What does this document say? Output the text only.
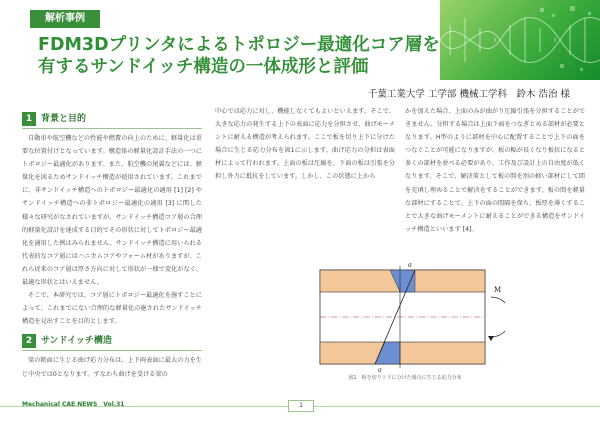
解析事例
FDM3Dプリンタによるトポロジー最適化コア層を
有するサンドイッチ構造の一体成形と評価
千葉工業大学 工学部 機械工学科　鈴木 浩治 様
1 背景と目的

自動車や航空機などの性能や燃費の向上のために、軽量化は重要な位置付けとなっています。構造体の軽量化設計手法の一つにトポロジー最適化があります。また、航空機の尾翼などには、軽量化を図るためサンドイッチ構造が使用されています。これまでに、非サンドイッチ構造へのトポロジー最適化の適用 [1] [2] やサンドイッチ構造への非トポロジー最適化の適用 [3] に関した様々な研究がなされていますが、サンドイッチ構造コア層の合理的軽量化設計を達成する目的でその形状に対してトポロジー最適化を適用した例はみられません。サンドイッチ構造に用いられる代表的なコア層にはハニカムコアやフォーム材がありますが、これら従来のコア層は厚さ方向に対して形状が一様で変化がなく、最適な形状とはいえません。

そこで、本研究では、コア層にトポロジー最適化を施すことによって、これまでにない合理的な軽量化の施されたサンドイッチ構造を見出すことを目的とします。

2 サンドイッチ構造

梁の断面に生じる曲げ応力分布は、上下両表面に最大の力を生じ中央では0となります。すなわち曲げを受ける梁の

中心では応力に対し、機能しなくてもよいといえます。そこで、大きな応力の発生する上下の表面に応力を分担させ、曲げモーメントに耐える構造が考えられます。ここで板を切り上下に分けた場合に生じる応力分布を図1に示します。曲げ応力の分担は表面材によって行われます。上面の板は圧縮を、下面の板は引張を分担し外力に抵抗をしています。しかし、この状態に上から

かを加えた場合、上面のみが曲がり圧縮引張を分担することができません。分担する場合は上面下面をつなぎとめる部材が必要となります。H型のように部材を中心に配置することで上下の面をつなぐことが可能になりますが、板の幅が長くなり板状になると多くの部材を並べる必要があり、工作及び設計上の自由度が低くなります。そこで、解決策として板の間を別の軽い部材にして間を充填し埋めることで解決をすることができます。板の間を軽量な部材にすることで、上下の面の間隔を保ち、板厚を薄くすることで大きな曲げモーメントに耐えることができる構造をサンドイッチ構造といいます [4]。

σ
σ
M
図1　板を切り上下に分けた場合に生じる応力分布
Mechanical CAE NEWS　Vol.31	1
